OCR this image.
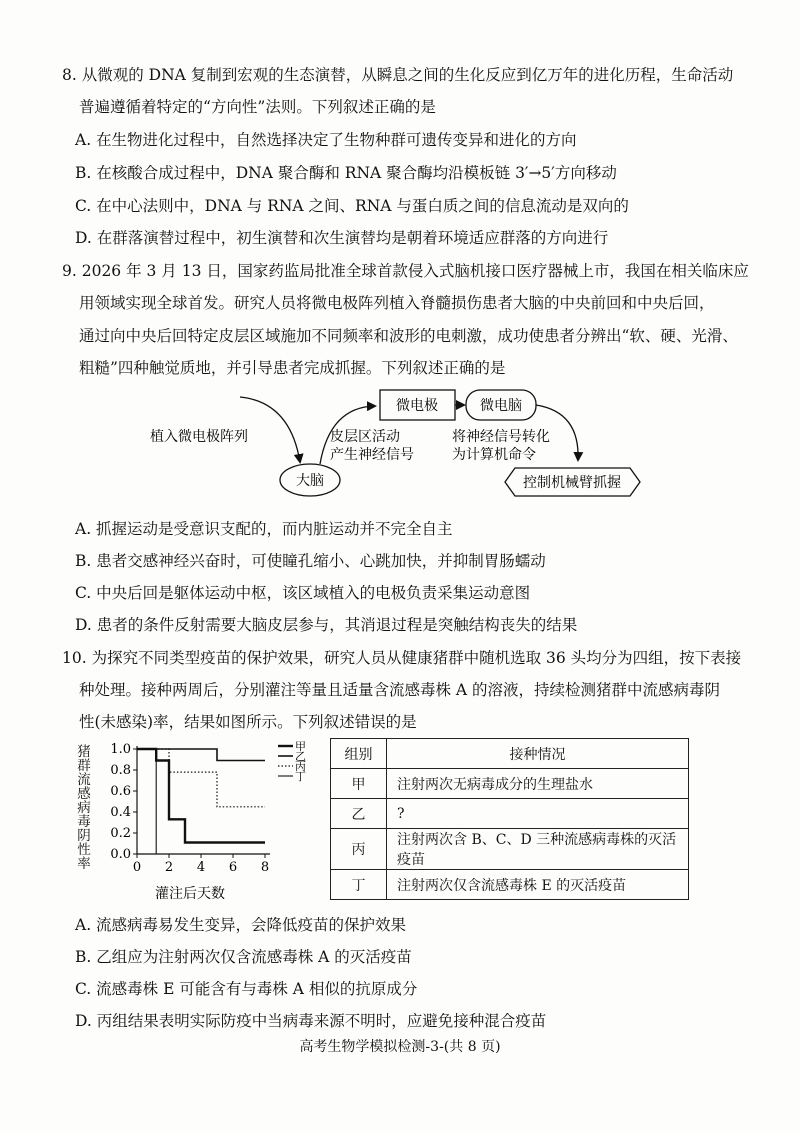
8. 从微观的 DNA 复制到宏观的生态演替，从瞬息之间的生化反应到亿万年的进化历程，生命活动
普遍遵循着特定的“方向性”法则。下列叙述正确的是
A. 在生物进化过程中，自然选择决定了生物种群可遗传变异和进化的方向
B. 在核酸合成过程中，DNA 聚合酶和 RNA 聚合酶均沿模板链 3′→5′方向移动
C. 在中心法则中，DNA 与 RNA 之间、RNA 与蛋白质之间的信息流动是双向的
D. 在群落演替过程中，初生演替和次生演替均是朝着环境适应群落的方向进行
9. 2026 年 3 月 13 日，国家药监局批准全球首款侵入式脑机接口医疗器械上市，我国在相关临床应
用领域实现全球首发。研究人员将微电极阵列植入脊髓损伤患者大脑的中央前回和中央后回，
通过向中央后回特定皮层区域施加不同频率和波形的电刺激，成功使患者分辨出“软、硬、光滑、
粗糙”四种触觉质地，并引导患者完成抓握。下列叙述正确的是
大脑
植入微电极阵列	皮层区活动
产生神经信号
微电极	微电脑
将神经信号转化
为计算机命令
控制机械臂抓握
A. 抓握运动是受意识支配的，而内脏运动并不完全自主
B. 患者交感神经兴奋时，可使瞳孔缩小、心跳加快，并抑制胃肠蠕动
C. 中央后回是躯体运动中枢，该区域植入的电极负责采集运动意图
D. 患者的条件反射需要大脑皮层参与，其消退过程是突触结构丧失的结果
10. 为探究不同类型疫苗的保护效果，研究人员从健康猪群中随机选取 36 头均分为四组，按下表接
种处理。接种两周后，分别灌注等量且适量含流感毒株 A 的溶液，持续检测猪群中流感病毒阴
性(未感染)率，结果如图所示。下列叙述错误的是
0 2 4 6 8
0.0
0.2
0.4
0.6
0.8
1.0	甲
乙
丙
丁
灌注后天数
猪群流感病毒阴性率
组别	接种情况
甲	注射两次无病毒成分的生理盐水
乙	?
丙	注射两次含 B、C、D 三种流感病毒株的灭活疫苗
丁	注射两次仅含流感毒株 E 的灭活疫苗
A. 流感病毒易发生变异，会降低疫苗的保护效果
B. 乙组应为注射两次仅含流感毒株 A 的灭活疫苗
C. 流感毒株 E 可能含有与毒株 A 相似的抗原成分
D. 丙组结果表明实际防疫中当病毒来源不明时，应避免接种混合疫苗
高考生物学模拟检测-3-(共 8 页)
